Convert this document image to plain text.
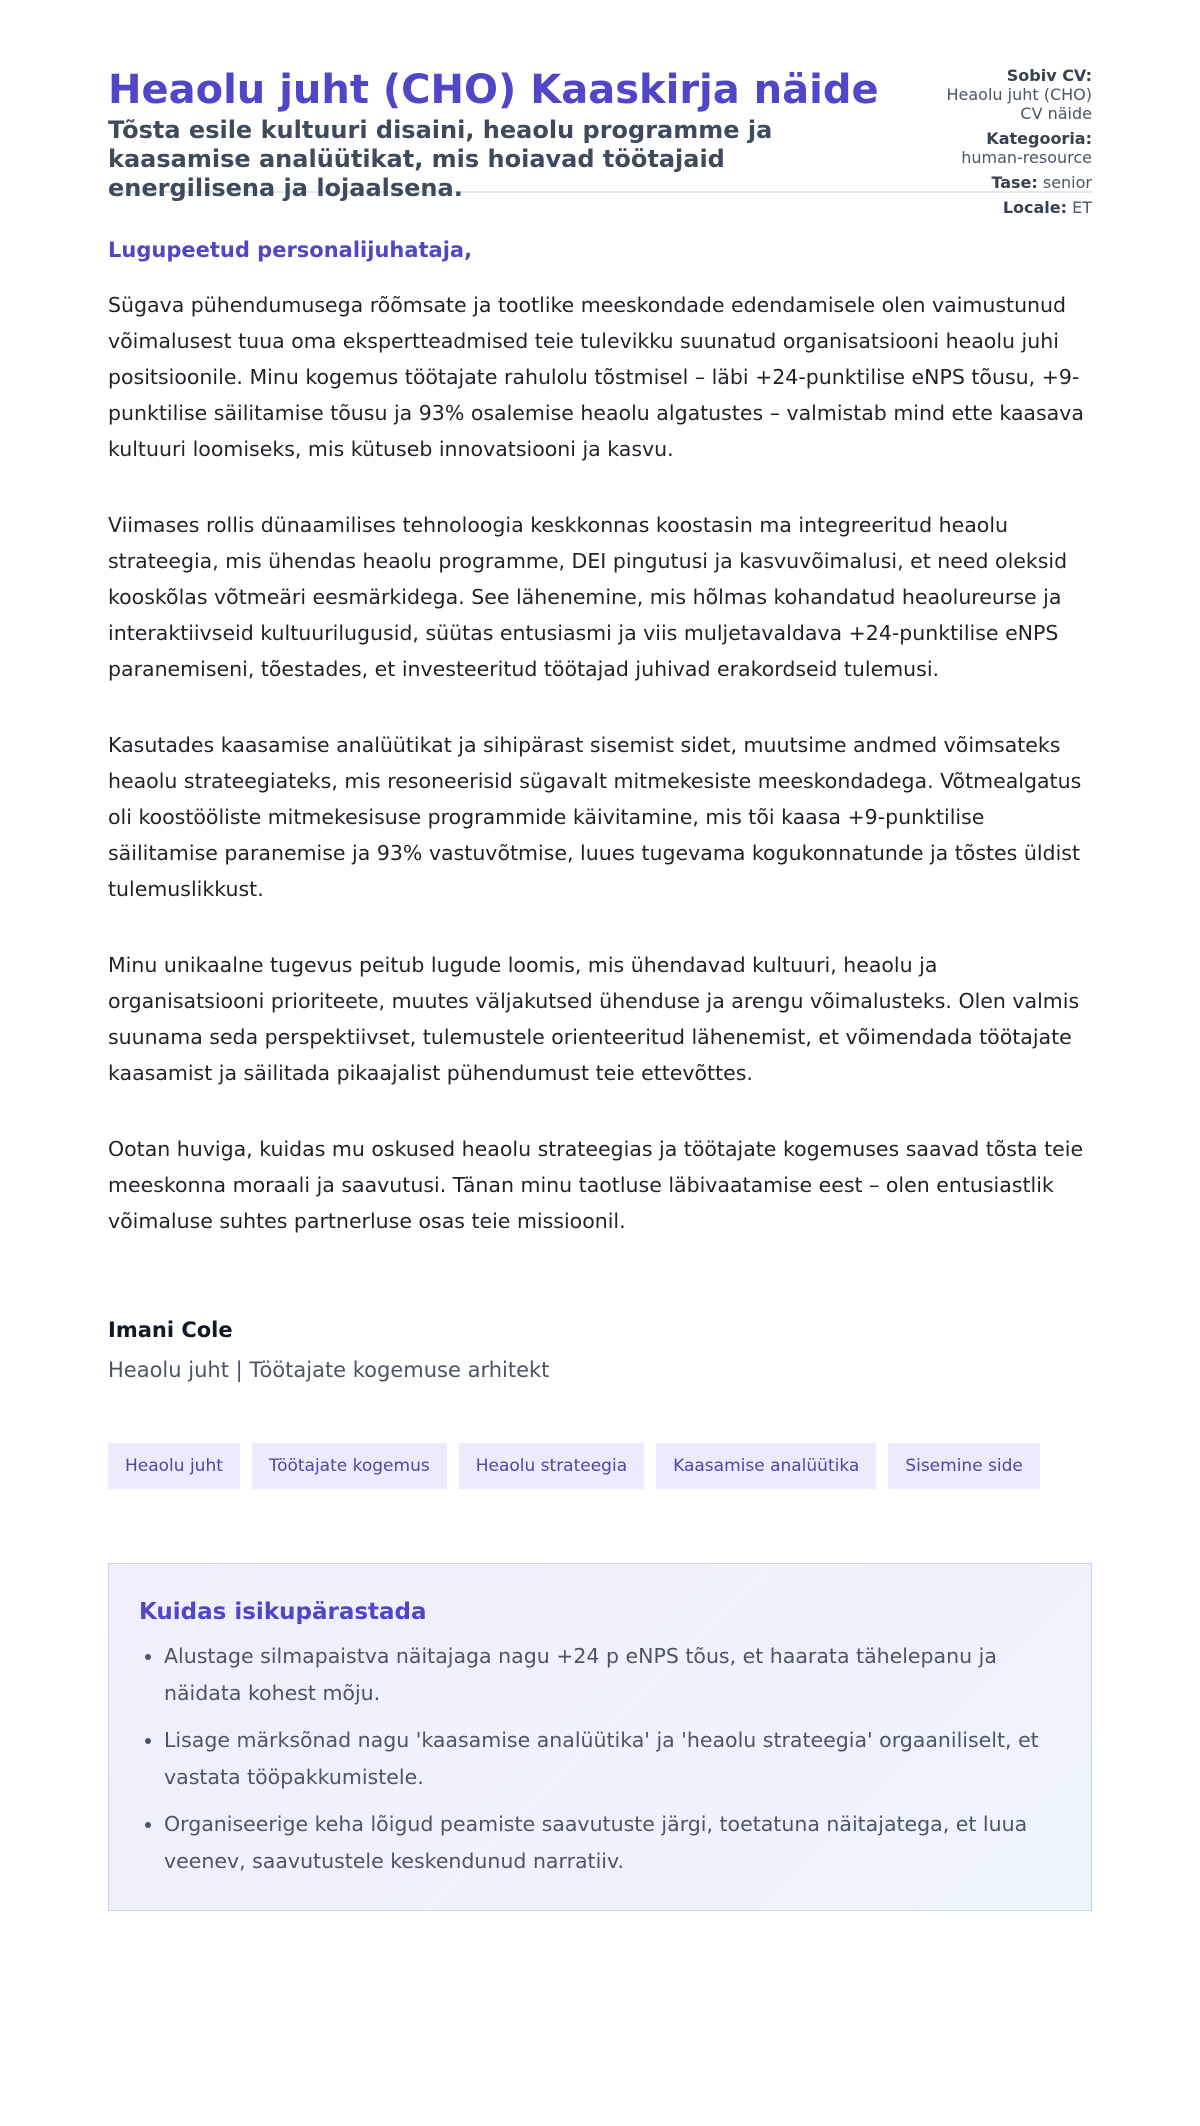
Heaolu juht (CHO) Kaaskirja näide
Tõsta esile kultuuri disaini, heaolu programme ja kaasamise analüütikat, mis hoiavad töötajaid energilisena ja lojaalsena.
Sobiv CV:
Heaolu juht (CHO) CV näide
Kategooria:
human-resource
Tase: senior
Locale: ET

Lugupeetud personalijuhataja,

Sügava pühendumusega rõõmsate ja tootlike meeskondade edendamisele olen vaimustunud võimalusest tuua oma ekspertteadmised teie tulevikku suunatud organisatsiooni heaolu juhi positsioonile. Minu kogemus töötajate rahulolu tõstmisel – läbi +24-punktilise eNPS tõusu, +9-punktilise säilitamise tõusu ja 93% osalemise heaolu algatustes – valmistab mind ette kaasava kultuuri loomiseks, mis kütuseb innovatsiooni ja kasvu.

Viimases rollis dünaamilises tehnoloogia keskkonnas koostasin ma integreeritud heaolu strateegia, mis ühendas heaolu programme, DEI pingutusi ja kasvuvõimalusi, et need oleksid kooskõlas võtmeäri eesmärkidega. See lähenemine, mis hõlmas kohandatud heaolureurse ja interaktiivseid kultuurilugusid, süütas entusiasmi ja viis muljetavaldava +24-punktilise eNPS paranemiseni, tõestades, et investeeritud töötajad juhivad erakordseid tulemusi.

Kasutades kaasamise analüütikat ja sihipärast sisemist sidet, muutsime andmed võimsateks heaolu strateegiateks, mis resoneerisid sügavalt mitmekesiste meeskondadega. Võtmealgatus oli koostööliste mitmekesisuse programmide käivitamine, mis tõi kaasa +9-punktilise säilitamise paranemise ja 93% vastuvõtmise, luues tugevama kogukonnatunde ja tõstes üldist tulemuslikkust.

Minu unikaalne tugevus peitub lugude loomis, mis ühendavad kultuuri, heaolu ja organisatsiooni prioriteete, muutes väljakutsed ühenduse ja arengu võimalusteks. Olen valmis suunama seda perspektiivset, tulemustele orienteeritud lähenemist, et võimendada töötajate kaasamist ja säilitada pikaajalist pühendumust teie ettevõttes.

Ootan huviga, kuidas mu oskused heaolu strateegias ja töötajate kogemuses saavad tõsta teie meeskonna moraali ja saavutusi. Tänan minu taotluse läbivaatamise eest – olen entusiastlik võimaluse suhtes partnerluse osas teie missioonil.

Imani Cole
Heaolu juht | Töötajate kogemuse arhitekt
Heaolu juht	Töötajate kogemus	Heaolu strateegia	Kaasamise analüütika	Sisemine side
Kuidas isikupärastada
• Alustage silmapaistva näitajaga nagu +24 p eNPS tõus, et haarata tähelepanu ja näidata kohest mõju.
• Lisage märksõnad nagu 'kaasamise analüütika' ja 'heaolu strateegia' orgaaniliselt, et vastata tööpakkumistele.
• Organiseerige keha lõigud peamiste saavutuste järgi, toetatuna näitajatega, et luua veenev, saavutustele keskendunud narratiiv.
